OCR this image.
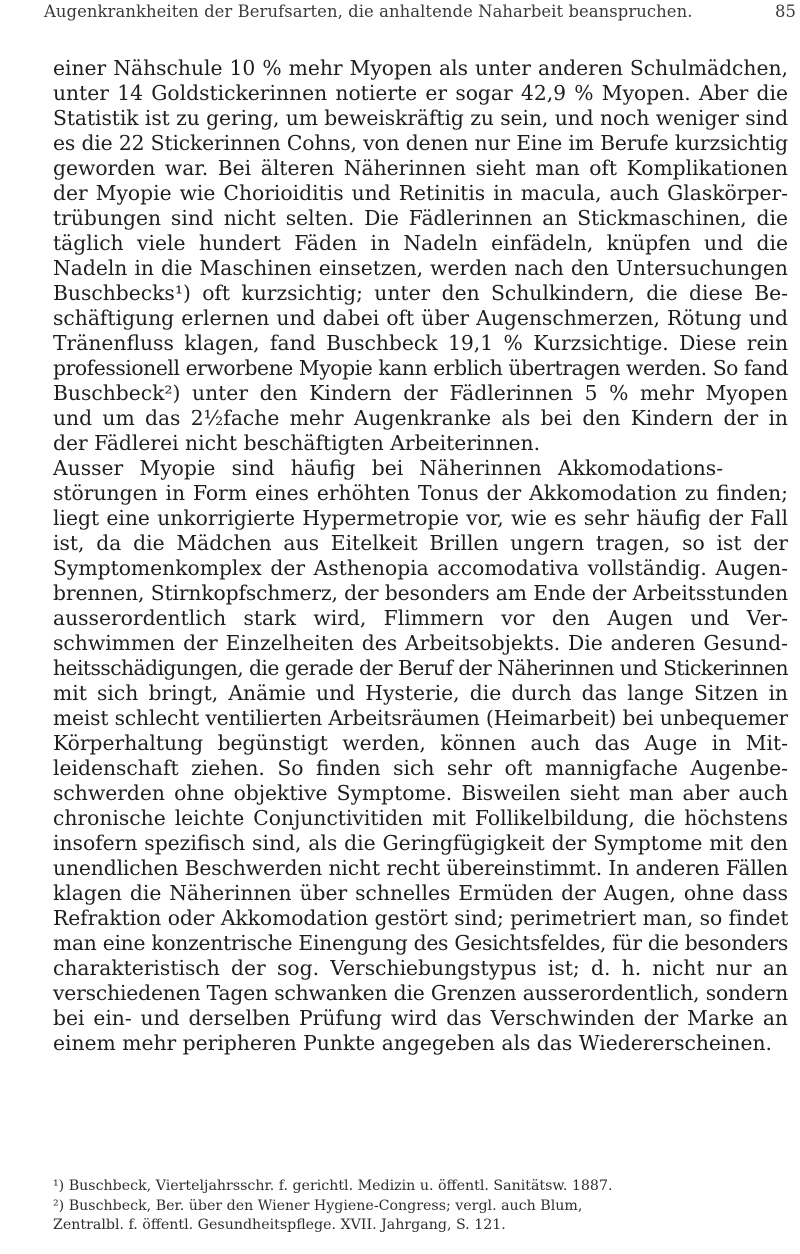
Augenkrankheiten der Berufsarten, die anhaltende Naharbeit beanspruchen.	85
einer Nähschule 10 % mehr Myopen als unter anderen Schulmädchen,
unter 14 Goldstickerinnen notierte er sogar 42,9 % Myopen. Aber die
Statistik ist zu gering, um beweiskräftig zu sein, und noch weniger sind
es die 22 Stickerinnen Cohns, von denen nur Eine im Berufe kurzsichtig
geworden war. Bei älteren Näherinnen sieht man oft Komplikationen
der Myopie wie Chorioiditis und Retinitis in macula, auch Glaskörper-
trübungen sind nicht selten. Die Fädlerinnen an Stickmaschinen, die
täglich viele hundert Fäden in Nadeln einfädeln, knüpfen und die
Nadeln in die Maschinen einsetzen, werden nach den Untersuchungen
Buschbecks¹) oft kurzsichtig; unter den Schulkindern, die diese Be-
schäftigung erlernen und dabei oft über Augenschmerzen, Rötung und
Tränenfluss klagen, fand Buschbeck 19,1 % Kurzsichtige. Diese rein
professionell erworbene Myopie kann erblich übertragen werden. So fand
Buschbeck²) unter den Kindern der Fädlerinnen 5 % mehr Myopen
und um das 2½fache mehr Augenkranke als bei den Kindern der in
der Fädlerei nicht beschäftigten Arbeiterinnen.
Ausser Myopie sind häufig bei Näherinnen Akkomodations-
störungen in Form eines erhöhten Tonus der Akkomodation zu finden;
liegt eine unkorrigierte Hypermetropie vor, wie es sehr häufig der Fall
ist, da die Mädchen aus Eitelkeit Brillen ungern tragen, so ist der
Symptomenkomplex der Asthenopia accomodativa vollständig. Augen-
brennen, Stirnkopfschmerz, der besonders am Ende der Arbeitsstunden
ausserordentlich stark wird, Flimmern vor den Augen und Ver-
schwimmen der Einzelheiten des Arbeitsobjekts. Die anderen Gesund-
heitsschädigungen, die gerade der Beruf der Näherinnen und Stickerinnen
mit sich bringt, Anämie und Hysterie, die durch das lange Sitzen in
meist schlecht ventilierten Arbeitsräumen (Heimarbeit) bei unbequemer
Körperhaltung begünstigt werden, können auch das Auge in Mit-
leidenschaft ziehen. So finden sich sehr oft mannigfache Augenbe-
schwerden ohne objektive Symptome. Bisweilen sieht man aber auch
chronische leichte Conjunctivitiden mit Follikelbildung, die höchstens
insofern spezifisch sind, als die Geringfügigkeit der Symptome mit den
unendlichen Beschwerden nicht recht übereinstimmt. In anderen Fällen
klagen die Näherinnen über schnelles Ermüden der Augen, ohne dass
Refraktion oder Akkomodation gestört sind; perimetriert man, so findet
man eine konzentrische Einengung des Gesichtsfeldes, für die besonders
charakteristisch der sog. Verschiebungstypus ist; d. h. nicht nur an
verschiedenen Tagen schwanken die Grenzen ausserordentlich, sondern
bei ein- und derselben Prüfung wird das Verschwinden der Marke an
einem mehr peripheren Punkte angegeben als das Wiedererscheinen.
¹) Buschbeck, Vierteljahrsschr. f. gerichtl. Medizin u. öffentl. Sanitätsw. 1887.
²) Buschbeck, Ber. über den Wiener Hygiene-Congress; vergl. auch Blum,
Zentralbl. f. öffentl. Gesundheitspflege. XVII. Jahrgang, S. 121.
